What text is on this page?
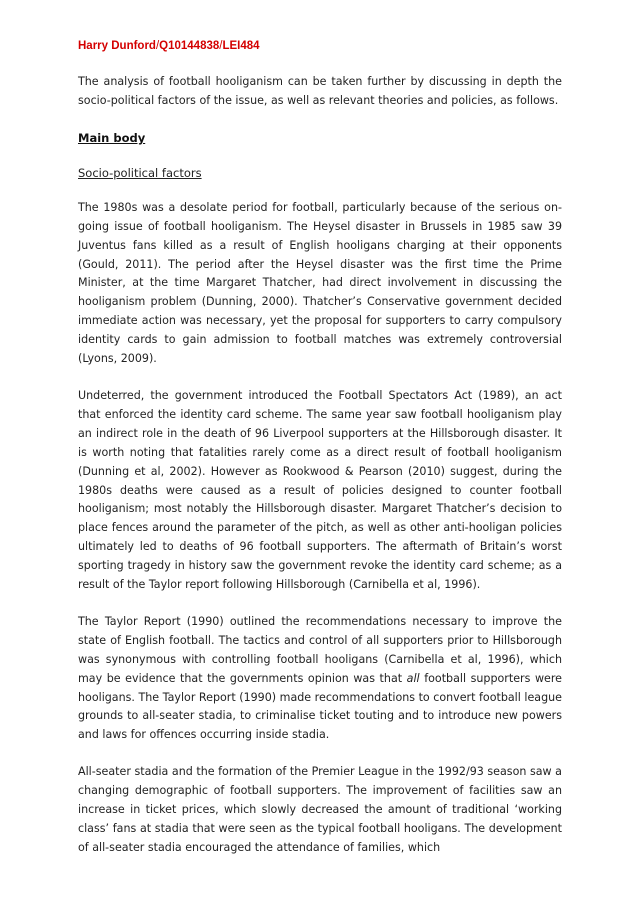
Harry Dunford/Q10144838/LEI484

The analysis of football hooliganism can be taken further by discussing in depth the socio-political factors of the issue, as well as relevant theories and policies, as follows.

Main body
Socio-political factors

The 1980s was a desolate period for football, particularly because of the serious on-going issue of football hooliganism. The Heysel disaster in Brussels in 1985 saw 39 Juventus fans killed as a result of English hooligans charging at their opponents (Gould, 2011). The period after the Heysel disaster was the first time the Prime Minister, at the time Margaret Thatcher, had direct involvement in discussing the hooliganism problem (Dunning, 2000). Thatcher’s Conservative government decided immediate action was necessary, yet the proposal for supporters to carry compulsory identity cards to gain admission to football matches was extremely controversial (Lyons, 2009).

Undeterred, the government introduced the Football Spectators Act (1989), an act that enforced the identity card scheme. The same year saw football hooliganism play an indirect role in the death of 96 Liverpool supporters at the Hillsborough disaster. It is worth noting that fatalities rarely come as a direct result of football hooliganism (Dunning et al, 2002). However as Rookwood & Pearson (2010) suggest, during the 1980s deaths were caused as a result of policies designed to counter football hooliganism; most notably the Hillsborough disaster. Margaret Thatcher’s decision to place fences around the parameter of the pitch, as well as other anti-hooligan policies ultimately led to deaths of 96 football supporters. The aftermath of Britain’s worst sporting tragedy in history saw the government revoke the identity card scheme; as a result of the Taylor report following Hillsborough (Carnibella et al, 1996).

The Taylor Report (1990) outlined the recommendations necessary to improve the state of English football. The tactics and control of all supporters prior to Hillsborough was synonymous with controlling football hooligans (Carnibella et al, 1996), which may be evidence that the governments opinion was that all football supporters were hooligans. The Taylor Report (1990) made recommendations to convert football league grounds to all-seater stadia, to criminalise ticket touting and to introduce new powers and laws for offences occurring inside stadia.

All-seater stadia and the formation of the Premier League in the 1992/93 season saw a changing demographic of football supporters. The improvement of facilities saw an increase in ticket prices, which slowly decreased the amount of traditional ‘working class’ fans at stadia that were seen as the typical football hooligans. The development of all-seater stadia encouraged the attendance of families, which
